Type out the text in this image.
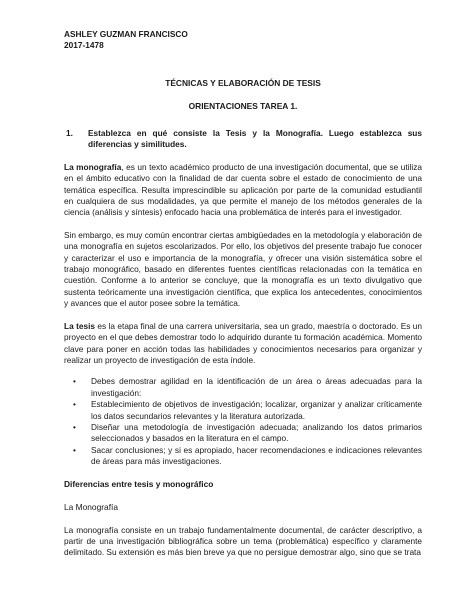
ASHLEY GUZMAN FRANCISCO
2017-1478
TÉCNICAS Y ELABORACIÓN DE TESIS
ORIENTACIONES TAREA 1.
1.	Establezca en qué consiste la Tesis y la Monografía. Luego establezca sus diferencias y similitudes.

La monografía, es un texto académico producto de una investigación documental, que se utiliza en el ámbito educativo con la finalidad de dar cuenta sobre el estado de conocimiento de una temática específica. Resulta imprescindible su aplicación por parte de la comunidad estudiantil en cualquiera de sus modalidades, ya que permite el manejo de los métodos generales de la ciencia (análisis y síntesis) enfocado hacia una problemática de interés para el investigador.

Sin embargo, es muy común encontrar ciertas ambigüedades en la metodología y elaboración de una monografía en sujetos escolarizados. Por ello, los objetivos del presente trabajo fue conocer y caracterizar el uso e importancia de la monografía, y ofrecer una visión sistemática sobre el trabajo monográfico, basado en diferentes fuentes científicas relacionadas con la temática en cuestión. Conforme a lo anterior se concluye, que la monografía es un texto divulgativo que sustenta teóricamente una investigación científica, que explica los antecedentes, conocimientos y avances que el autor posee sobre la temática.

La tesis es la etapa final de una carrera universitaria, sea un grado, maestría o doctorado. Es un proyecto en el que debes demostrar todo lo adquirido durante tu formación académica. Momento clave para poner en acción todas las habilidades y conocimientos necesarios para organizar y realizar un proyecto de investigación de esta índole.

•	Debes demostrar agilidad en la identificación de un área o áreas adecuadas para la investigación:
•	Establecimiento de objetivos de investigación; localizar, organizar y analizar críticamente los datos secundarios relevantes y la literatura autorizada.
•	Diseñar una metodología de investigación adecuada; analizando los datos primarios seleccionados y basados en la literatura en el campo.
•	Sacar conclusiones; y si es apropiado, hacer recomendaciones e indicaciones relevantes de áreas para más investigaciones.

Diferencias entre tesis y monográfico

La Monografía

La monografía consiste en un trabajo fundamentalmente documental, de carácter descriptivo, a partir de una investigación bibliográfica sobre un tema (problemática) específico y claramente delimitado. Su extensión es más bien breve ya que no persigue demostrar algo, sino que se trata
